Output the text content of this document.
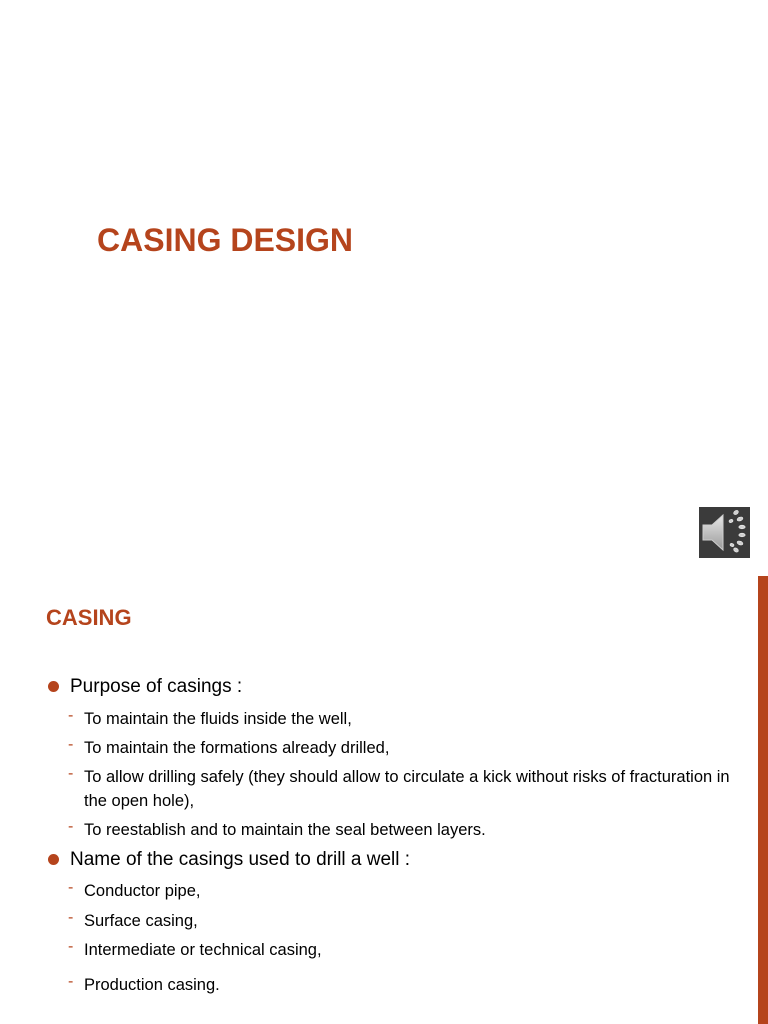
CASING DESIGN
CASING
Purpose of casings :
- To maintain the fluids inside the well,
- To maintain the formations already drilled,
- To allow drilling safely (they should allow to circulate a kick without risks of fracturation in the open hole),
- To reestablish and to maintain the seal between layers.
Name of the casings used to drill a well :
- Conductor pipe,
- Surface casing,
- Intermediate or technical casing,
- Production casing.
